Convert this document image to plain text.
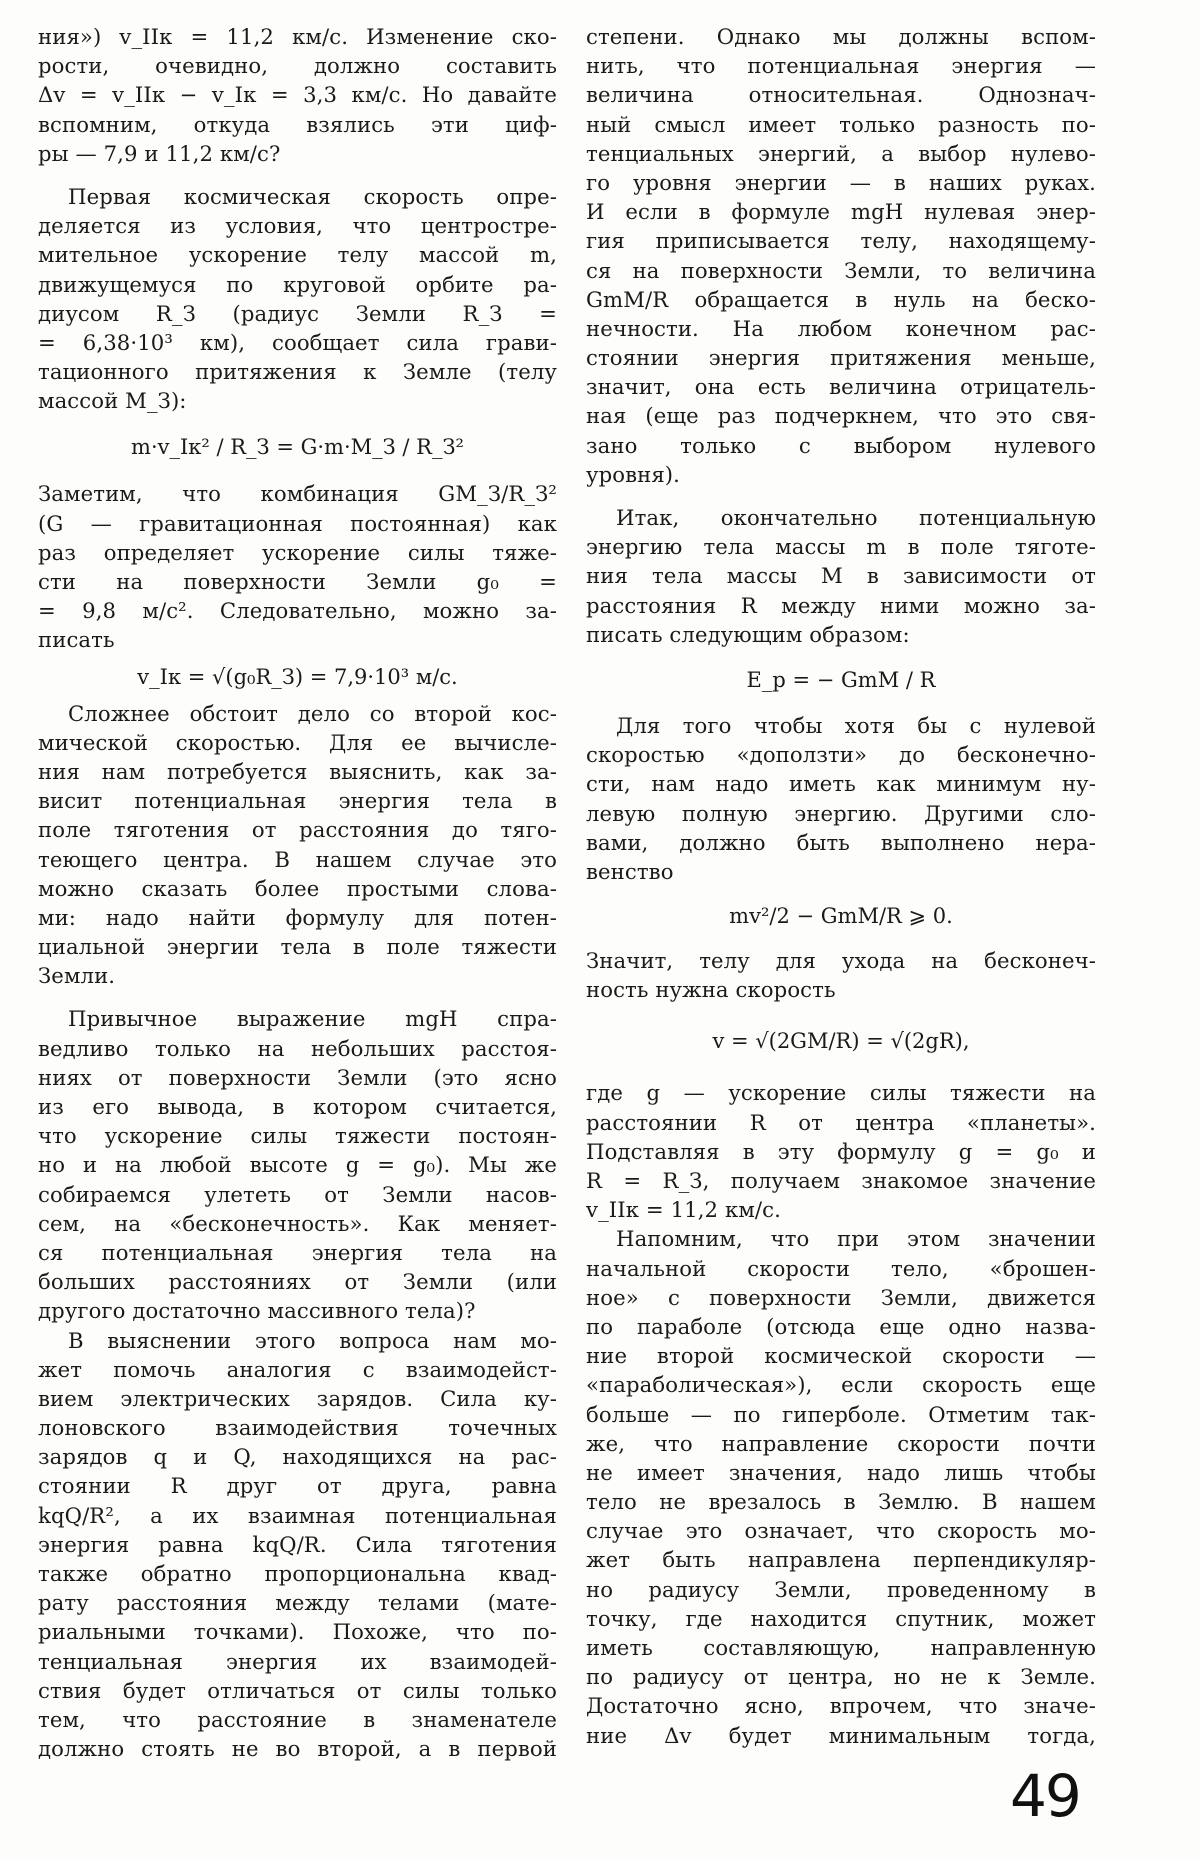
ния») v_IIк = 11,2 км/с. Изменение ско-
рости, очевидно, должно составить
Δv = v_IIк − v_Iк = 3,3 км/с. Но давайте
вспомним, откуда взялись эти циф-
ры — 7,9 и 11,2 км/с?
Первая космическая скорость опре-
деляется из условия, что центростре-
мительное ускорение телу массой m,
движущемуся по круговой орбите ра-
диусом R_З (радиус Земли R_З =
= 6,38·10³ км), сообщает сила грави-
тационного притяжения к Земле (телу
массой M_З):
m·v_Iк² / R_З = G·m·M_З / R_З²
Заметим, что комбинация GM_З/R_З²
(G — гравитационная постоянная) как
раз определяет ускорение силы тяже-
сти на поверхности Земли g₀ =
= 9,8 м/с². Следовательно, можно за-
писать
v_Iк = √(g₀R_З) = 7,9·10³ м/с.
Сложнее обстоит дело со второй кос-
мической скоростью. Для ее вычисле-
ния нам потребуется выяснить, как за-
висит потенциальная энергия тела в
поле тяготения от расстояния до тяго-
теющего центра. В нашем случае это
можно сказать более простыми слова-
ми: надо найти формулу для потен-
циальной энергии тела в поле тяжести
Земли.
Привычное выражение mgH спра-
ведливо только на небольших расстоя-
ниях от поверхности Земли (это ясно
из его вывода, в котором считается,
что ускорение силы тяжести постоян-
но и на любой высоте g = g₀). Мы же
собираемся улететь от Земли насов-
сем, на «бесконечность». Как меняет-
ся потенциальная энергия тела на
больших расстояниях от Земли (или
другого достаточно массивного тела)?
В выяснении этого вопроса нам мо-
жет помочь аналогия с взаимодейст-
вием электрических зарядов. Сила ку-
лоновского взаимодействия точечных
зарядов q и Q, находящихся на рас-
стоянии R друг от друга, равна
kqQ/R², а их взаимная потенциальная
энергия равна kqQ/R. Сила тяготения
также обратно пропорциональна квад-
рату расстояния между телами (мате-
риальными точками). Похоже, что по-
тенциальная энергия их взаимодей-
ствия будет отличаться от силы только
тем, что расстояние в знаменателе
должно стоять не во второй, а в первой
степени. Однако мы должны вспом-
нить, что потенциальная энергия —
величина относительная. Однознач-
ный смысл имеет только разность по-
тенциальных энергий, а выбор нулево-
го уровня энергии — в наших руках.
И если в формуле mgH нулевая энер-
гия приписывается телу, находящему-
ся на поверхности Земли, то величина
GmM/R обращается в нуль на беско-
нечности. На любом конечном рас-
стоянии энергия притяжения меньше,
значит, она есть величина отрицатель-
ная (еще раз подчеркнем, что это свя-
зано только с выбором нулевого
уровня).
Итак, окончательно потенциальную
энергию тела массы m в поле тяготе-
ния тела массы M в зависимости от
расстояния R между ними можно за-
писать следующим образом:
E_p = − GmM / R
Для того чтобы хотя бы с нулевой
скоростью «доползти» до бесконечно-
сти, нам надо иметь как минимум ну-
левую полную энергию. Другими сло-
вами, должно быть выполнено нера-
венство
mv²/2 − GmM/R ⩾ 0.
Значит, телу для ухода на бесконеч-
ность нужна скорость
v = √(2GM/R) = √(2gR),
где g — ускорение силы тяжести на
расстоянии R от центра «планеты».
Подставляя в эту формулу g = g₀ и
R = R_З, получаем знакомое значение
v_IIк = 11,2 км/с.
Напомним, что при этом значении
начальной скорости тело, «брошен-
ное» с поверхности Земли, движется
по параболе (отсюда еще одно назва-
ние второй космической скорости —
«параболическая»), если скорость еще
больше — по гиперболе. Отметим так-
же, что направление скорости почти
не имеет значения, надо лишь чтобы
тело не врезалось в Землю. В нашем
случае это означает, что скорость мо-
жет быть направлена перпендикуляр-
но радиусу Земли, проведенному в
точку, где находится спутник, может
иметь составляющую, направленную
по радиусу от центра, но не к Земле.
Достаточно ясно, впрочем, что значе-
ние Δv будет минимальным тогда,
49
